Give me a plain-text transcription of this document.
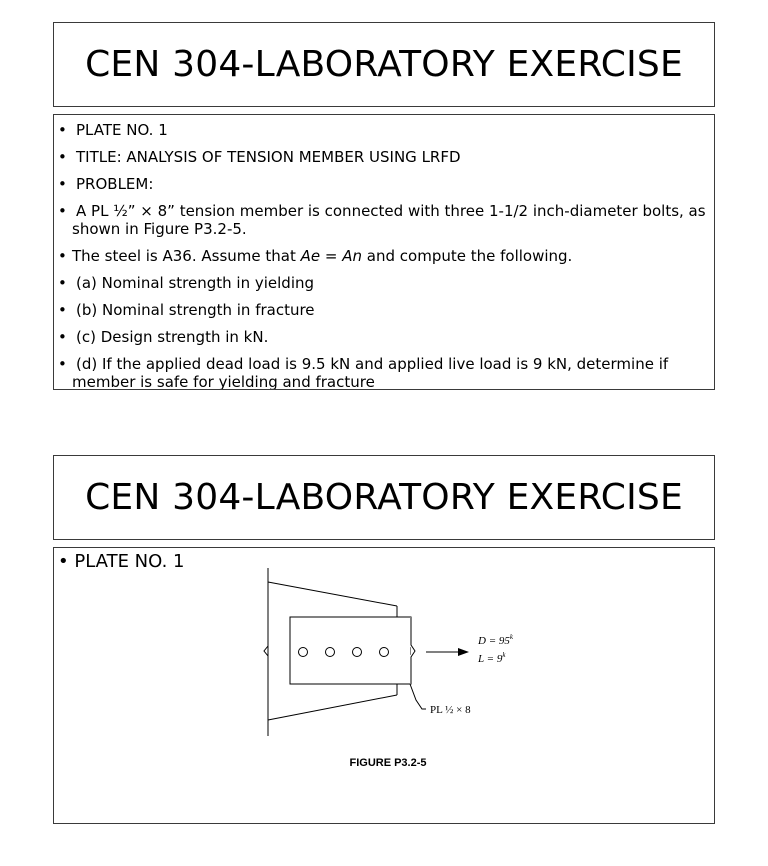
CEN 304-LABORATORY EXERCISE
• PLATE NO. 1
• TITLE: ANALYSIS OF TENSION MEMBER USING LRFD
• PROBLEM:
• A PL ½” × 8” tension member is connected with three 1-1/2 inch-diameter bolts, as shown in Figure P3.2-5.
• The steel is A36. Assume that Ae = An and compute the following.
• (a) Nominal strength in yielding
• (b) Nominal strength in fracture
• (c) Design strength in kN.
• (d) If the applied dead load is 9.5 kN and applied live load is 9 kN, determine if member is safe for yielding and fracture
CEN 304-LABORATORY EXERCISE
• PLATE NO. 1
$D = 95^k$
$L = 9^k$
PL ½ × 8
FIGURE P3.2-5
